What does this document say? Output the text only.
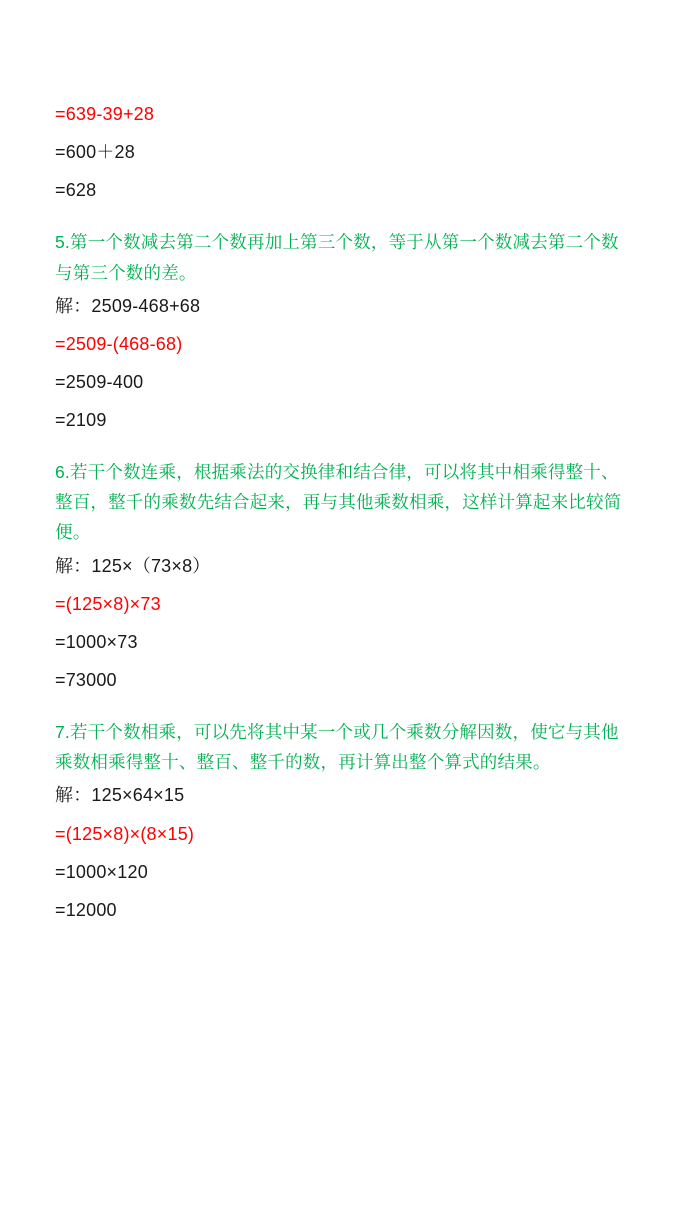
=639-39+28

=600＋28

=628

5.第一个数减去第二个数再加上第三个数，等于从第一个数减去第二个数与第三个数的差。

解：2509-468+68

=2509-(468-68)

=2509-400

=2109

6.若干个数连乘，根据乘法的交换律和结合律，可以将其中相乘得整十、整百，整千的乘数先结合起来，再与其他乘数相乘，这样计算起来比较简便。

解：125×（73×8）

=(125×8)×73

=1000×73

=73000

7.若干个数相乘，可以先将其中某一个或几个乘数分解因数，使它与其他乘数相乘得整十、整百、整千的数，再计算出整个算式的结果。

解：125×64×15

=(125×8)×(8×15)

=1000×120

=12000
